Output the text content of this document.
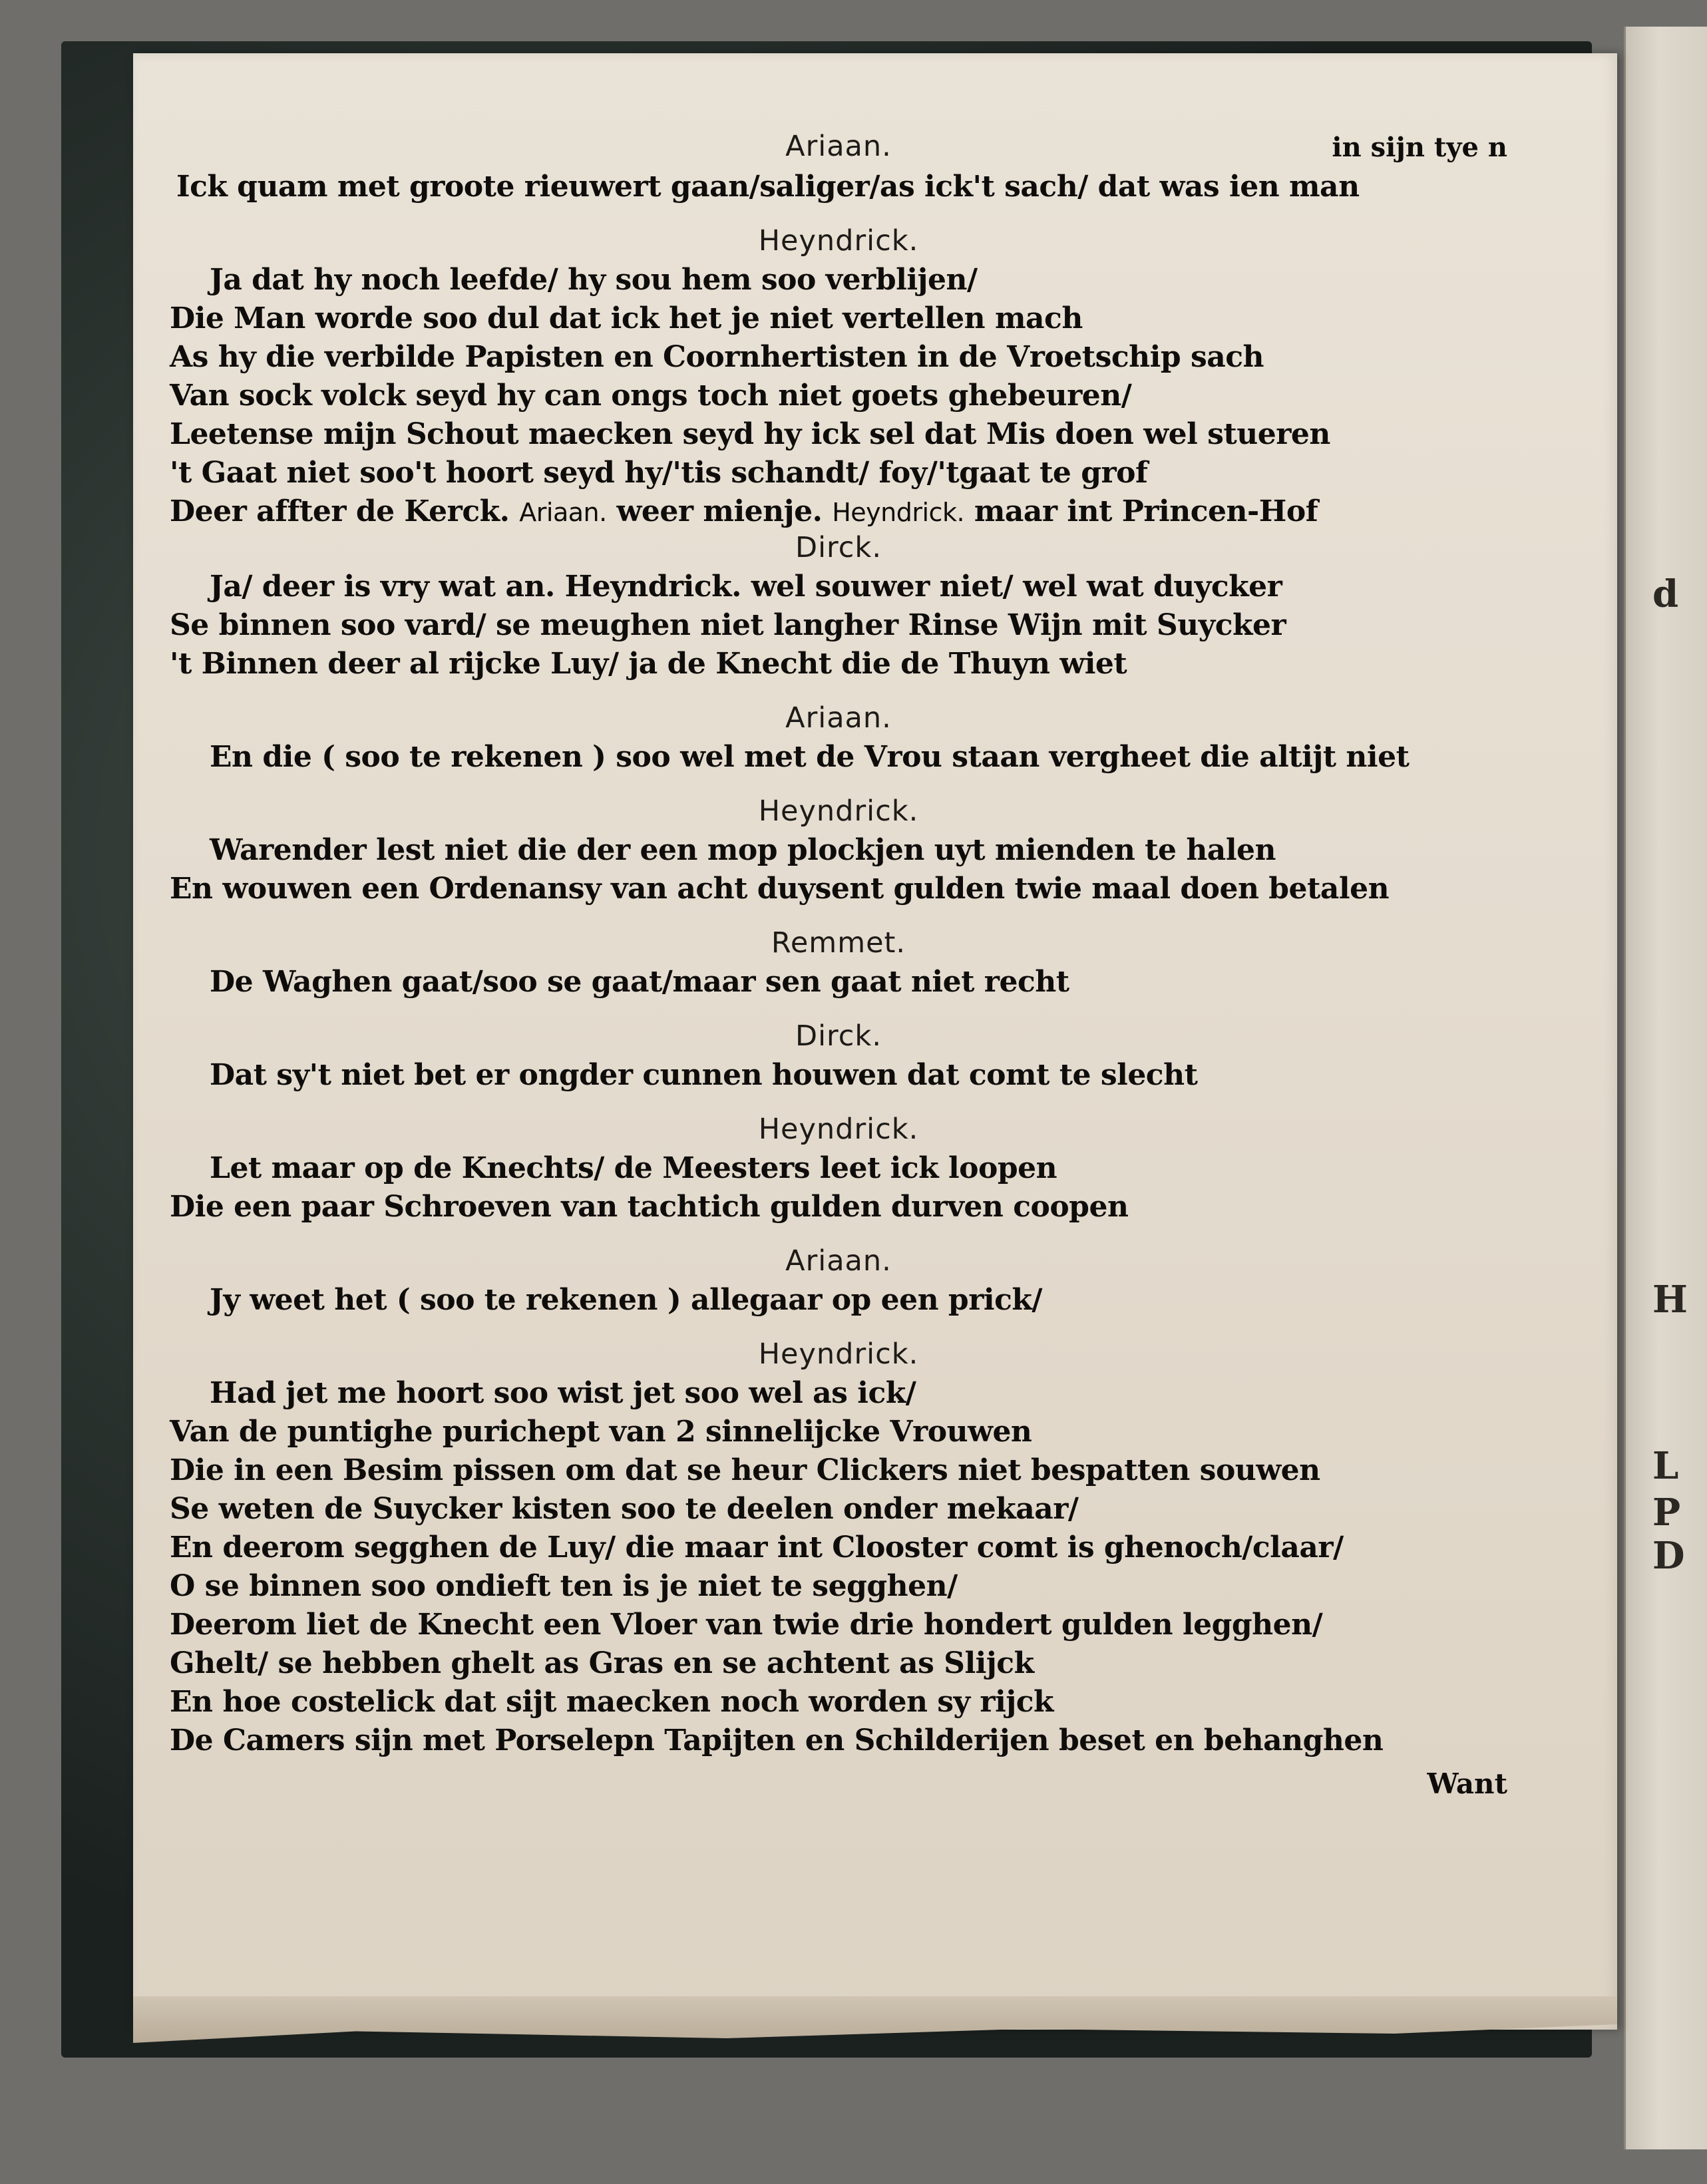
d
H
L
P
D
Ariaan.	in sijn tye n
Ick quam met groote rieuwert gaan/saliger/as ick't sach/ dat was ien man
Heyndrick.
Ja dat hy noch leefde/ hy sou hem soo verblijen/
Die Man worde soo dul dat ick het je niet vertellen mach
As hy die verbilde Papisten en Coornhertisten in de Vroetschip sach
Van sock volck seyd hy can ongs toch niet goets ghebeuren/
Leetense mijn Schout maecken seyd hy ick sel dat Mis doen wel stueren
't Gaat niet soo't hoort seyd hy/'tis schandt/ foy/'tgaat te grof
Deer affter de Kerck. Ariaan. weer mienje. Heyndrick. maar int Princen-Hof
Dirck.
Ja/ deer is vry wat an. Heyndrick. wel souwer niet/ wel wat duycker
Se binnen soo vard/ se meughen niet langher Rinse Wijn mit Suycker
't Binnen deer al rijcke Luy/ ja de Knecht die de Thuyn wiet
Ariaan.
En die ( soo te rekenen ) soo wel met de Vrou staan vergheet die altijt niet
Heyndrick.
Warender lest niet die der een mop plockjen uyt mienden te halen
En wouwen een Ordenansy van acht duysent gulden twie maal doen betalen
Remmet.
De Waghen gaat/soo se gaat/maar sen gaat niet recht
Dirck.
Dat sy't niet bet er ongder cunnen houwen dat comt te slecht
Heyndrick.
Let maar op de Knechts/ de Meesters leet ick loopen
Die een paar Schroeven van tachtich gulden durven coopen
Ariaan.
Jy weet het ( soo te rekenen ) allegaar op een prick/
Heyndrick.
Had jet me hoort soo wist jet soo wel as ick/
Van de puntighe purichept van 2 sinnelijcke Vrouwen
Die in een Besim pissen om dat se heur Clickers niet bespatten souwen
Se weten de Suycker kisten soo te deelen onder mekaar/
En deerom segghen de Luy/ die maar int Clooster comt is ghenoch/claar/
O se binnen soo ondieft ten is je niet te segghen/
Deerom liet de Knecht een Vloer van twie drie hondert gulden legghen/
Ghelt/ se hebben ghelt as Gras en se achtent as Slijck
En hoe costelick dat sijt maecken noch worden sy rijck
De Camers sijn met Porselepn Tapijten en Schilderijen beset en behanghen
Want
